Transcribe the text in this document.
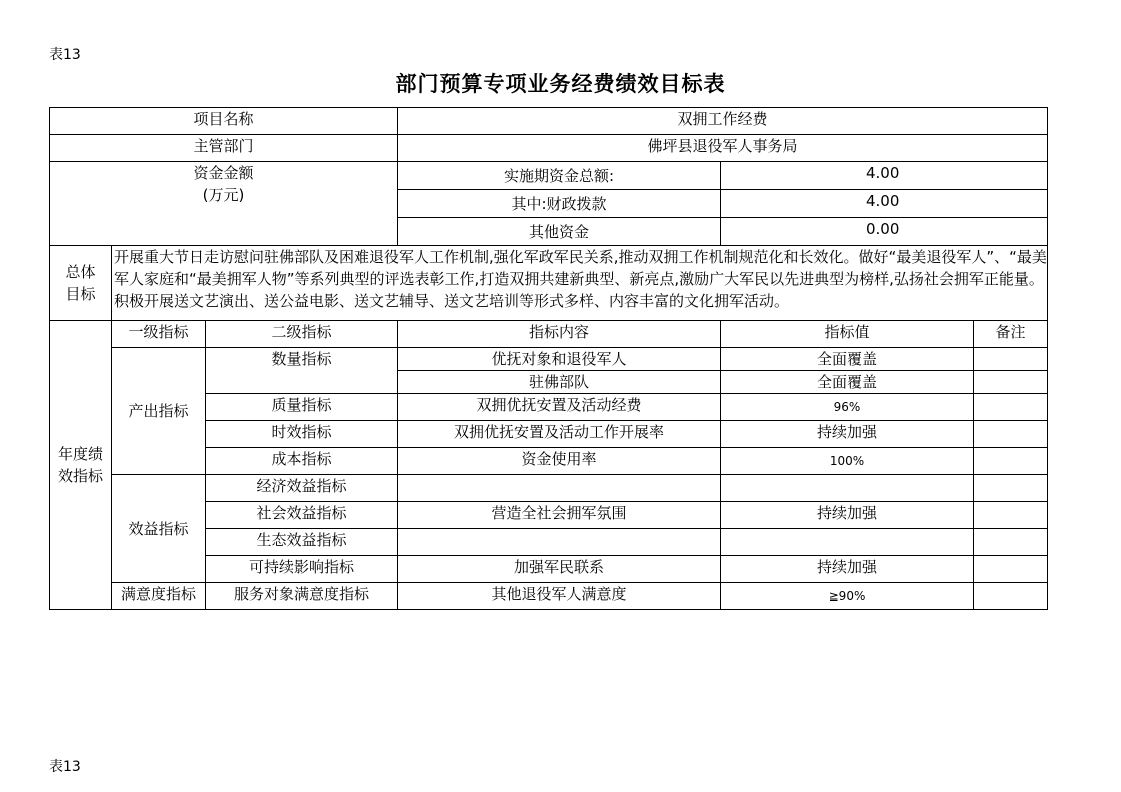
表13
部门预算专项业务经费绩效目标表
项目名称			双拥工作经费		
主管部门			佛坪县退役军人事务局		

资金金额
(万元)			实施期资金总额:	4.00	
			其中:财政拨款	4.00	
			其他资金	0.00	

总体
目标	开展重大节日走访慰问驻佛部队及困难退役军人工作机制,强化军政军民关系,推动双拥工作机制规范化和长效化。做好“最美退役军人”、“最美军人家庭和“最美拥军人物”等系列典型的评选表彰工作,打造双拥共建新典型、新亮点,激励广大军民以先进典型为榜样,弘扬社会拥军正能量。积极开展送文艺演出、送公益电影、送文艺辅导、送文艺培训等形式多样、内容丰富的文化拥军活动。				

年度绩
效指标	一级指标	二级指标	指标内容	指标值	备注
	产出指标	数量指标	优抚对象和退役军人	全面覆盖	
			驻佛部队	全面覆盖	
		质量指标	双拥优抚安置及活动经费	96%	
		时效指标	双拥优抚安置及活动工作开展率	持续加强	
		成本指标	资金使用率	100%	
	效益指标	经济效益指标			
		社会效益指标	营造全社会拥军氛围	持续加强	
		生态效益指标			
		可持续影响指标	加强军民联系	持续加强	
	满意度指标	服务对象满意度指标	其他退役军人满意度	≧90%	
表13
